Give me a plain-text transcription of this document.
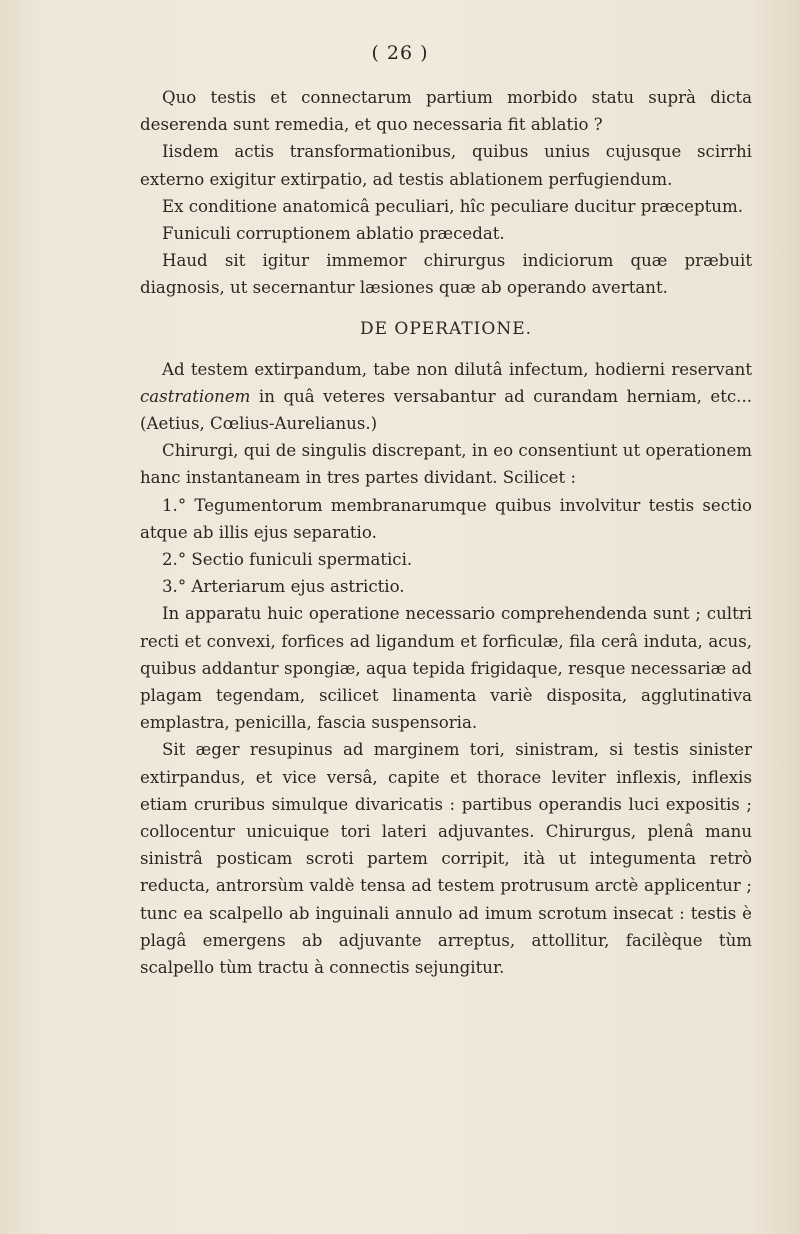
( 26 )

Quo testis et connectarum partium morbido statu suprà dicta deserenda sunt remedia, et quo necessaria fit ablatio ?

Iisdem actis transformationibus, quibus unius cujusque scirrhi externo exigitur extirpatio, ad testis ablationem perfugiendum.

Ex conditione anatomicâ peculiari, hîc peculiare ducitur præceptum.

Funiculi corruptionem ablatio præcedat.

Haud sit igitur immemor chirurgus indiciorum quæ præbuit diagnosis, ut secernantur læsiones quæ ab operando avertant.

DE OPERATIONE.

Ad testem extirpandum, tabe non dilutâ infectum, hodierni reservant castrationem in quâ veteres versabantur ad curandam herniam, etc... (Aetius, Cœlius-Aurelianus.)

Chirurgi, qui de singulis discrepant, in eo consentiunt ut operationem hanc instantaneam in tres partes dividant. Scilicet :

1.° Tegumentorum membranarumque quibus involvitur testis sectio atque ab illis ejus separatio.

2.° Sectio funiculi spermatici.

3.° Arteriarum ejus astrictio.

In apparatu huic operatione necessario comprehendenda sunt ; cultri recti et convexi, forfices ad ligandum et forficulæ, fila cerâ induta, acus, quibus addantur spongiæ, aqua tepida frigidaque, resque necessariæ ad plagam tegendam, scilicet linamenta variè disposita, agglutinativa emplastra, penicilla, fascia suspensoria.

Sit æger resupinus ad marginem tori, sinistram, si testis sinister extirpandus, et vice versâ, capite et thorace leviter inflexis, inflexis etiam cruribus simulque divaricatis : partibus operandis luci expositis ; collocentur unicuique tori lateri adjuvantes. Chirurgus, plenâ manu sinistrâ posticam scroti partem corripit, ità ut integumenta retrò reducta, antrorsùm valdè tensa ad testem protrusum arctè applicentur ; tunc ea scalpello ab inguinali annulo ad imum scrotum insecat : testis è plagâ emergens ab adjuvante arreptus, attollitur, facilèque tùm scalpello tùm tractu à connectis sejungitur.
